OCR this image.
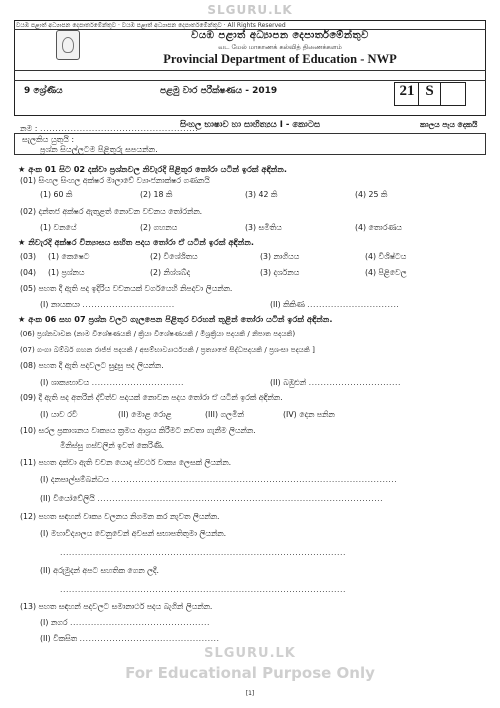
SLGURU.LK
වයඹ පළාත් අධ්‍යාපන දෙපාර්තමේන්තුව · වයඹ පළාත් අධ්‍යාපන දෙපාර්තමේන්තුව · All Rights Reserved
වයඹ පළාත් අධ්‍යාපන දෙපාර්තමේන්තුව
வட மேல் மாகாணக் கல்வித் திணைக்களம்
Provincial Department of Education - NWP
9 ශ්‍රේණිය	පළමු වාර පරීක්ෂණය - 2019	21 S
සිංහල භාෂාව හා සාහිත්‍යය I - කොටස	කාලය පැය දෙකයි
නම : ....................................................
සැලකිය යුතුයි :
ප්‍රශ්න සියල්ලටම පිළිතුරු සපයන්න.
★ අංක 01 සිට 02 දක්වා ප්‍රශ්නවල නිවැරදි පිළිතුර තෝරා යටින් ඉරක් අඳින්න.
(01) සිංහල සිංහල අක්ෂර මාලාවේ ව්‍යාංජනාක්ෂර ගණනයි
(1) 60 කි	(2) 18 කි	(3) 42 කි	(4) 25 කි
(02) දන්තජ අක්ෂර ඇතුළත් නොවන වචනය තෝරන්න.
(1) වනයේ	(2) ගහනය	(3) සමිතිය	(4) තොරණය
★ නිවැරදි අක්ෂර වින්‍යාසය සහිත පදය තෝරා ඒ යටින් ඉරක් අඳින්න.
(03) (1) කෙෂෙට	(2) විශේශිතය	(3) නාගියය	(4) විශිෂ්ටය
(04) (1) ප්‍රශ්නය	(2) නිශ්ශබ්ද	(3) දර්ශනය	(4) පිළිවෙල
(05) පහත දී ඇති පද ඉදිරිය වචනයක් වර්ගයෙහි නිපදවා ලියන්න.
(I) නායකයා ...............................	(II) කිකිණ ...............................
★ අංක 06 සහ 07 ප්‍රශ්න වලට ගැලපෙන පිළිතුර වරහන් තුළින් තෝරා යටින් ඉරක් අඳින්න.
(06) ප්‍රශ්නවාචක (නාම විශේෂණයකි / ක්‍රියා විශේෂණයකි / මිශ්‍රක්‍රියා පදයකි / නිපාත පදයකි)
(07) ගංගා බම්බර් ගහන රාජ්ජ පදයකි / අසම්භාව්‍යාර්ථයකි / ප්‍රත්‍යාපේ සිද්ධපදයකි / ප්‍රශංසා පදයකි ]
(08) පහත දී ඇති පදවලට සුදුසු පද ලියන්න.
(I) ශාක්‍යභාවය ...............................	(II) බඹුළුන් ...............................
(09) දී ඇති පද අතරින් ද්විත්ව පදයක් නොවන පදය තෝරා ඒ යටින් ඉරක් අඳින්න.
(I) යාව රවි	(II) මොළ රොළ	(III) ගලමින්	(IV) දෙන පනින
(10) සරල ප්‍රකාශනය වාක්‍යය ක්‍රමය ආශ්‍රය කිරීමට නවතා ගැනීම ලියන්න.
මිනිස්සු ගස්වලින් ඉවත් කෙරිණි.
(11) පහත දක්වා ඇති වචන යොදා ස්වර්ථ වාක්‍ය ලෙසක් ලියන්න.
(I) දනපාල්සම්බන්ධය ................................................................................................
(II) වියෝවේලියි ................................................................................................
(12) පහත සඳහන් වාක්‍ය වලනය නිගමන කර නැවත ලියන්න.
(I) මහාවිද්‍යාලය වෙනුවෙන් අවසන් සභාපතිතුමා ලියන්න.
................................................................................................
(II) අරුමුදන් අපට සහතික ගෙන ලදී.
................................................................................................
(13) පහත සඳහන් පදවලට සමානාර්ථ පදය බැගින් ලියන්න.
(I) නගර ...............................................
(II) විකසිත ...............................................
SLGURU.LK
For Educational Purpose Only
[1]
